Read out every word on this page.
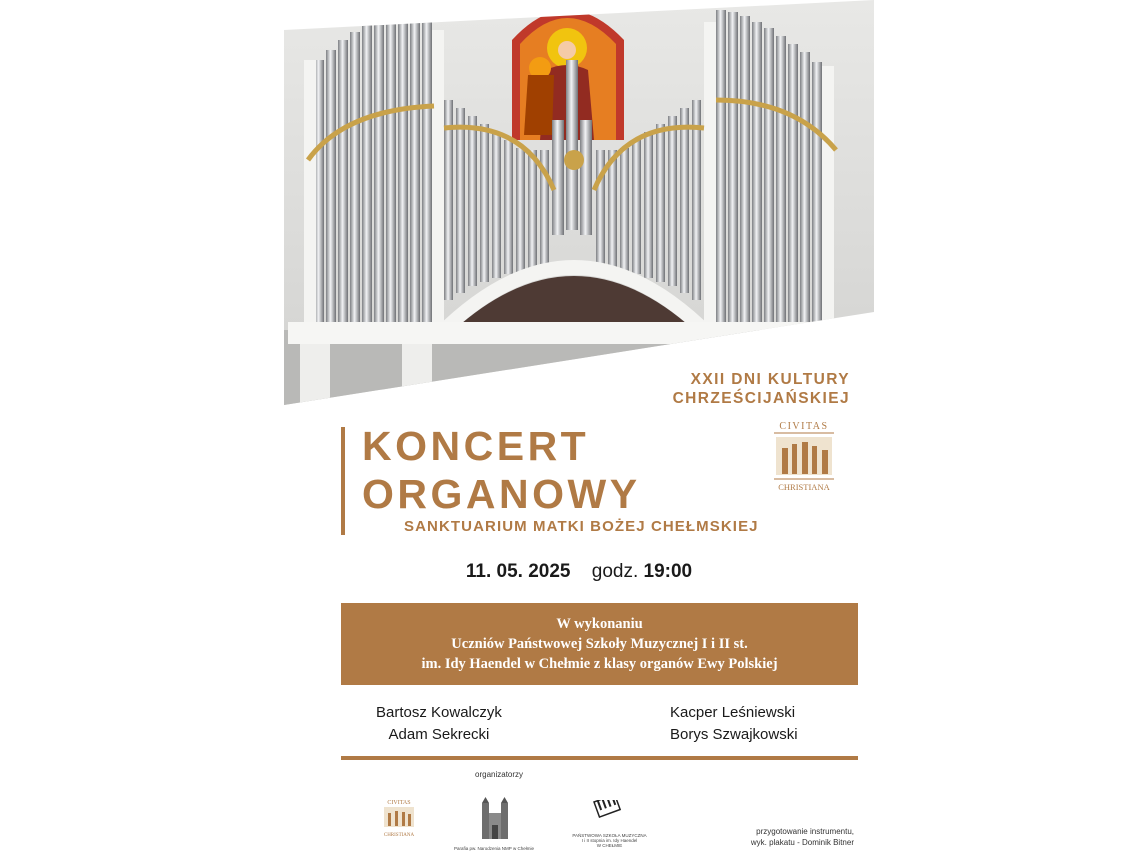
XXII DNI KULTURY
CHRZEŚCIJAŃSKIEJ
KONCERT
ORGANOWY
CIVITAS
CHRISTIANA
SANKTUARIUM MATKI BOŻEJ CHEŁMSKIEJ
11. 05. 2025 godz. 19:00
W wykonaniu
Uczniów Państwowej Szkoły Muzycznej I i II st.
im. Idy Haendel w Chełmie z klasy organów Ewy Polskiej
Bartosz Kowalczyk
Adam Sekrecki
Kacper Leśniewski
Borys Szwajkowski
organizatorzy
CIVITAS
CHRISTIANA
Parafia pw. Narodzenia NMP w Chełmie
PAŃSTWOWA SZKOŁA MUZYCZNA
I i II stopnia im. Idy Haendel
W CHEŁMIE
przygotowanie instrumentu,
wyk. plakatu - Dominik Bitner
